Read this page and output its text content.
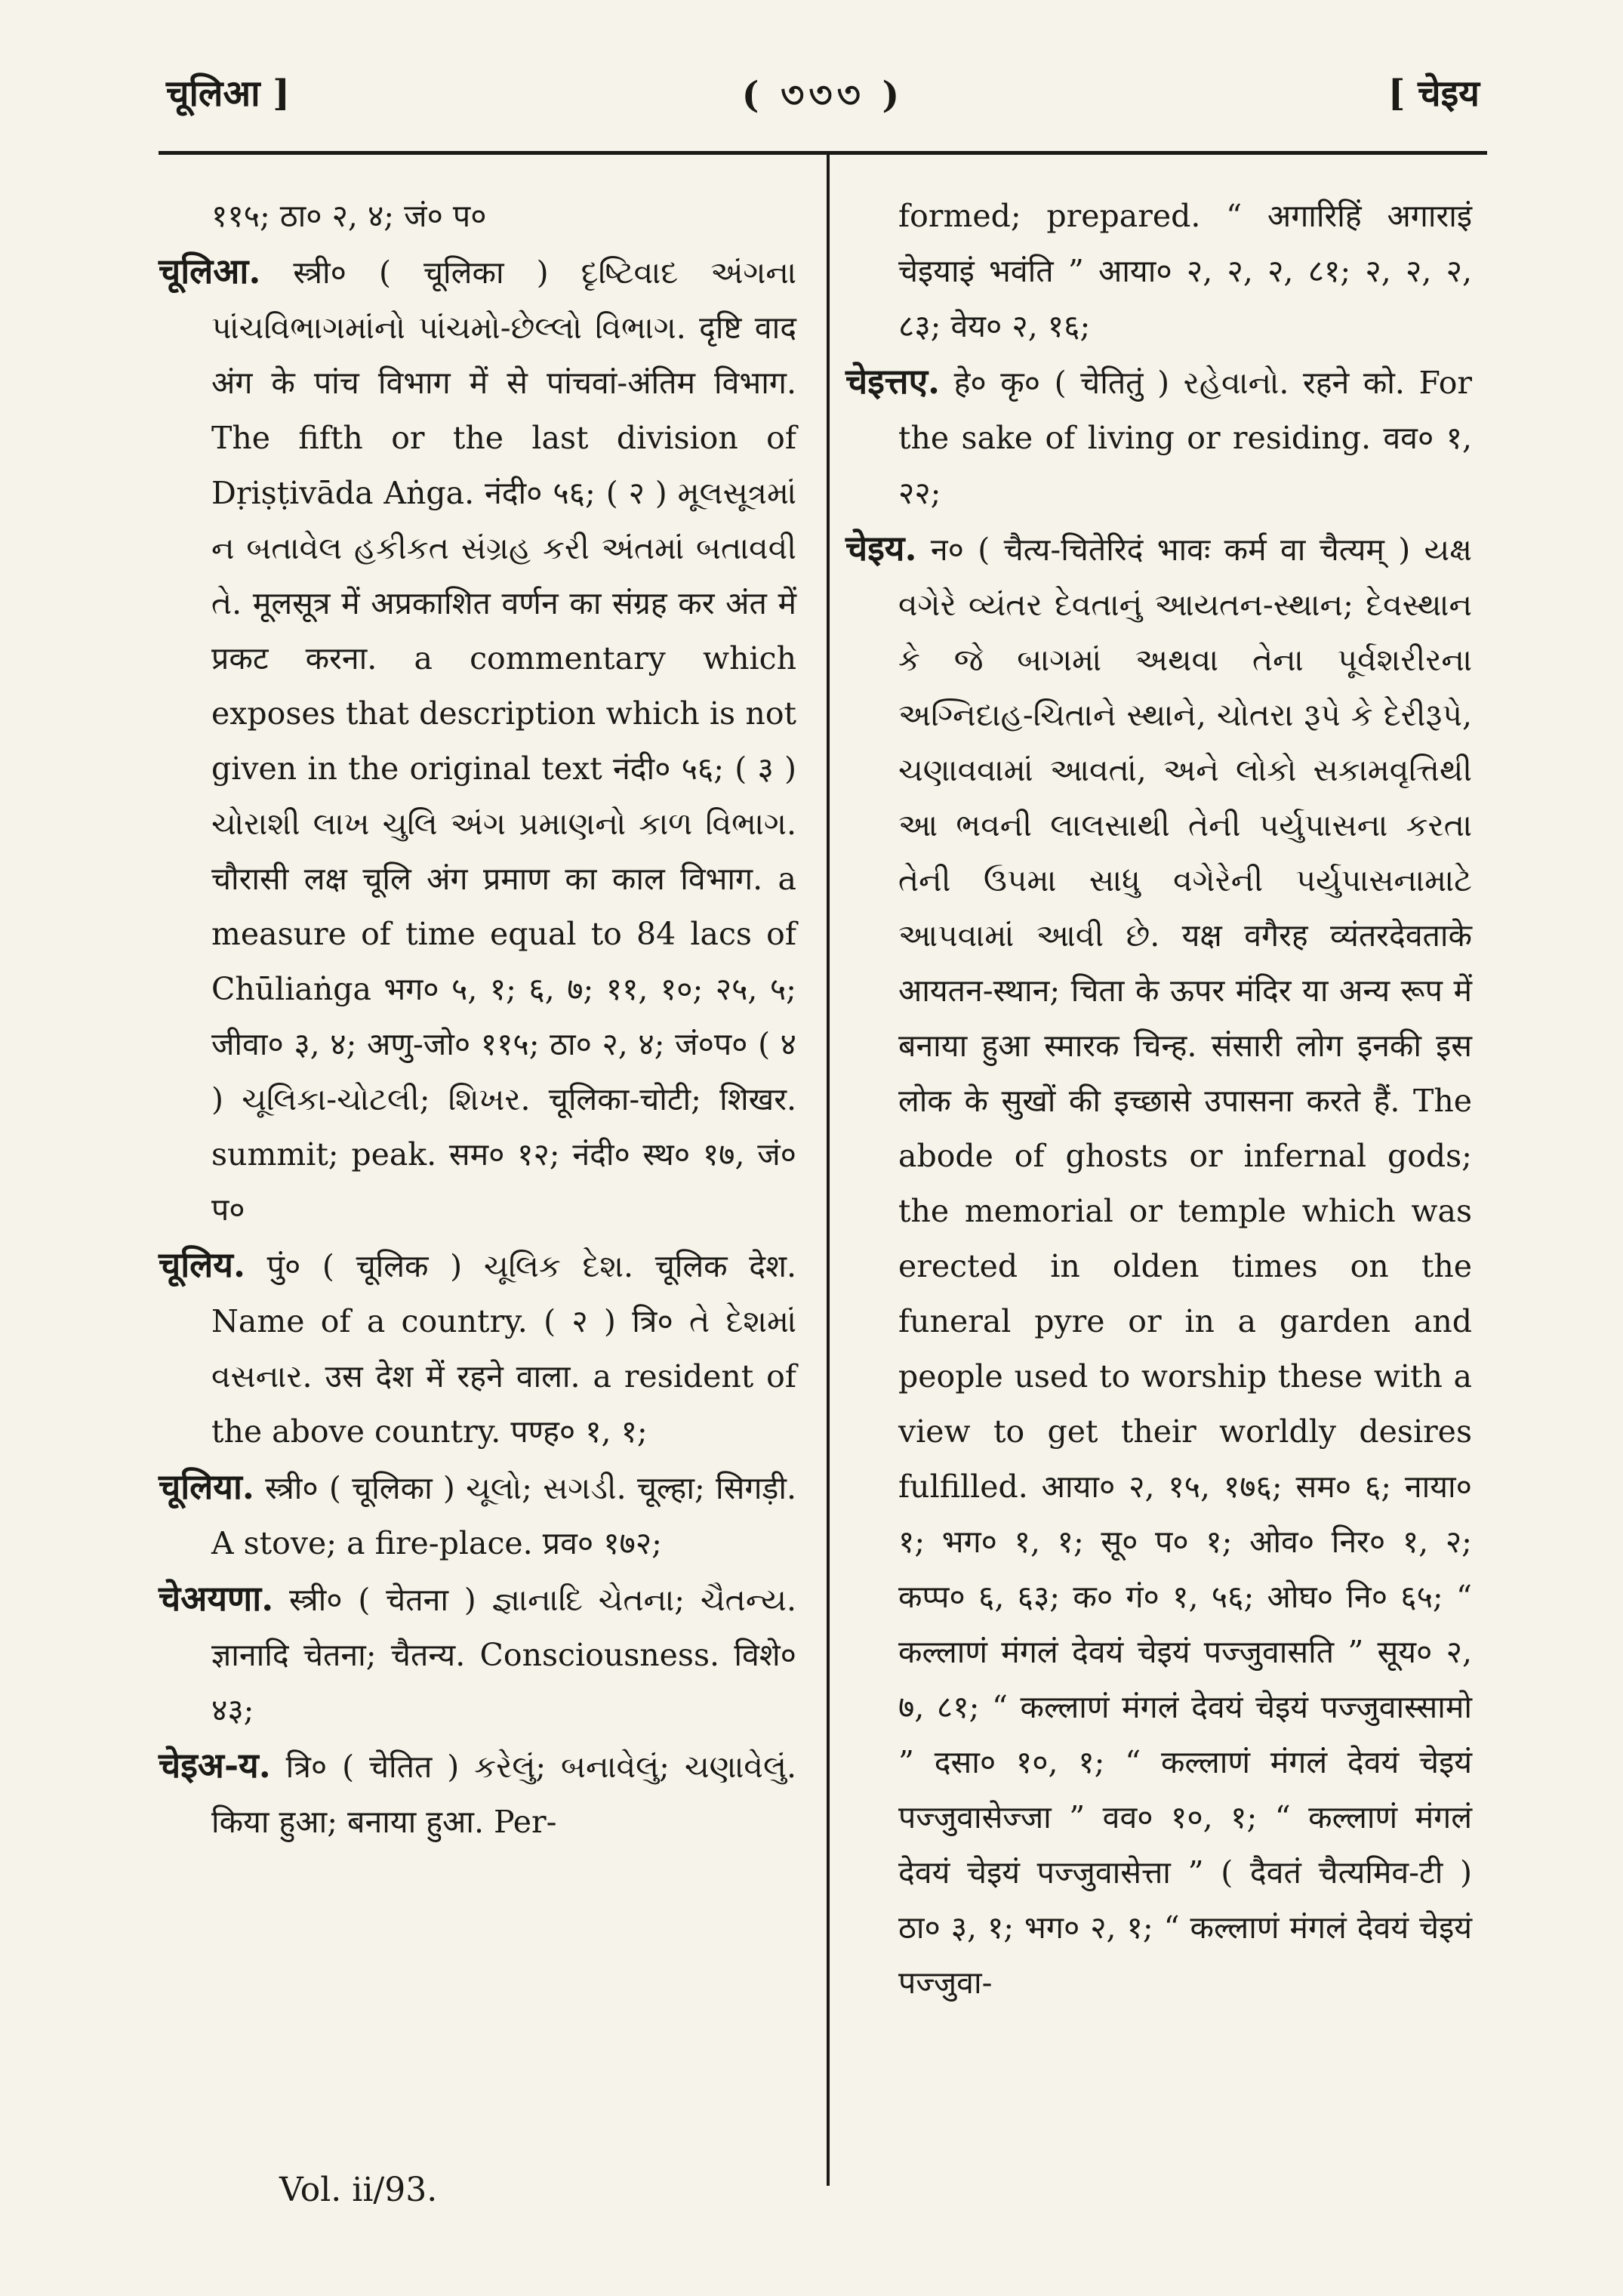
चूलिआ ]	( ৩৩৩ )	[ चेइय

११५; ठा० २, ४; जं० प०

चूलिआ. स्त्री० ( चूलिका ) દૃષ્ટિવાદ અંગના પાંચવિભાગમાંનો પાંચમો-છેલ્લો વિભાગ. दृष्टि वाद अंग के पांच विभाग में से पांचवां-अंतिम विभाग. The fifth or the last division of Dṛiṣṭivāda Aṅga. नंदी० ५६; ( २ ) મૂલસૂત્રમાં ન બતાવેલ હકીકત સંગ્રહ કરી અંતમાં બતાવવી તે. मूलसूत्र में अप्रकाशित वर्णन का संग्रह कर अंत में प्रकट करना. a commentary which exposes that description which is not given in the original text नंदी० ५६; ( ३ ) ચોરાશી લાખ ચુલિ અંગ પ્રમાણનો કાળ વિભાગ. चौरासी लक्ष चूलि अंग प्रमाण का काल विभाग. a measure of time equal to 84 lacs of Chūliaṅga भग० ५, १; ६, ७; ११, १०; २५, ५; जीवा० ३, ४; अणु-जो० ११५; ठा० २, ४; जं०प० ( ४ ) ચૂલિકા-ચોટલી; શિખર. चूलिका-चोटी; शिखर. summit; peak. सम० १२; नंदी० स्थ० १७, जं० प०

चूलिय. पुं० ( चूलिक ) ચૂલિક દેશ. चूलिक देश. Name of a country. ( २ ) त्रि० તે દેશમાં વસનાર. उस देश में रहने वाला. a resident of the above country. पण्ह० १, १;

चूलिया. स्त्री० ( चूलिका ) ચૂલો; સગડી. चूल्हा; सिगड़ी. A stove; a fire-place. प्रव० १७२;

चेअयणा. स्त्री० ( चेतना ) જ્ઞાનાદિ ચેતના; ચૈતન્ય. ज्ञानादि चेतना; चैतन्य. Consciousness. विशे० ४३;

चेइअ-य. त्रि० ( चेतित ) કરેલું; બનાવેલું; ચણાવેલું. किया हुआ; बनाया हुआ. Per-

formed; prepared. “ अगारिहिं अगाराइं चेइयाइं भवंति ” आया० २, २, २, ८१; २, २, २, ८३; वेय० २, १६;

चेइत्तए. हे० कृ० ( चेतितुं ) રહેવાનો. रहने को. For the sake of living or residing. वव० १, २२;

चेइय. न० ( चैत्य-चितेरिदं भावः कर्म वा चैत्यम् ) યક્ષ વગેરે વ્યંતર દેવતાનું આયતન-સ્થાન; દેવસ્થાન કે જે બાગમાં અથવા તેના પૂર્વશરીરના અગ્નિદાહ-ચિતાને સ્થાને, ચોતરા રૂપે કે દેરીરૂપે, ચણાવવામાં આવતાં, અને લોકો સકામવૃત્તિથી આ ભવની લાલસાથી તેની પર્યુપાસના કરતા તેની ઉપમા સાધુ વગેરેની પર્યુપાસનામાટે આપવામાં આવી છે. यक्ष वगैरह व्यंतरदेवताके आयतन-स्थान; चिता के ऊपर मंदिर या अन्य रूप में बनाया हुआ स्मारक चिन्ह. संसारी लोग इनकी इस लोक के सुखों की इच्छासे उपासना करते हैं. The abode of ghosts or infernal gods; the memorial or temple which was erected in olden times on the funeral pyre or in a garden and people used to worship these with a view to get their worldly desires fulfilled. आया० २, १५, १७६; सम० ६; नाया० १; भग० १, १; सू० प० १; ओव० निर० १, २; कप्प० ६, ६३; क० गं० १, ५६; ओघ० नि० ६५; “ कल्लाणं मंगलं देवयं चेइयं पज्जुवासति ” सूय० २, ७, ८१; “ कल्लाणं मंगलं देवयं चेइयं पज्जुवास्सामो ” दसा० १०, १; “ कल्लाणं मंगलं देवयं चेइयं पज्जुवासेज्जा ” वव० १०, १; “ कल्लाणं मंगलं देवयं चेइयं पज्जुवासेत्ता ” ( दैवतं चैत्यमिव-टी ) ठा० ३, १; भग० २, १; “ कल्लाणं मंगलं देवयं चेइयं पज्जुवा-

Vol. ii/93.
